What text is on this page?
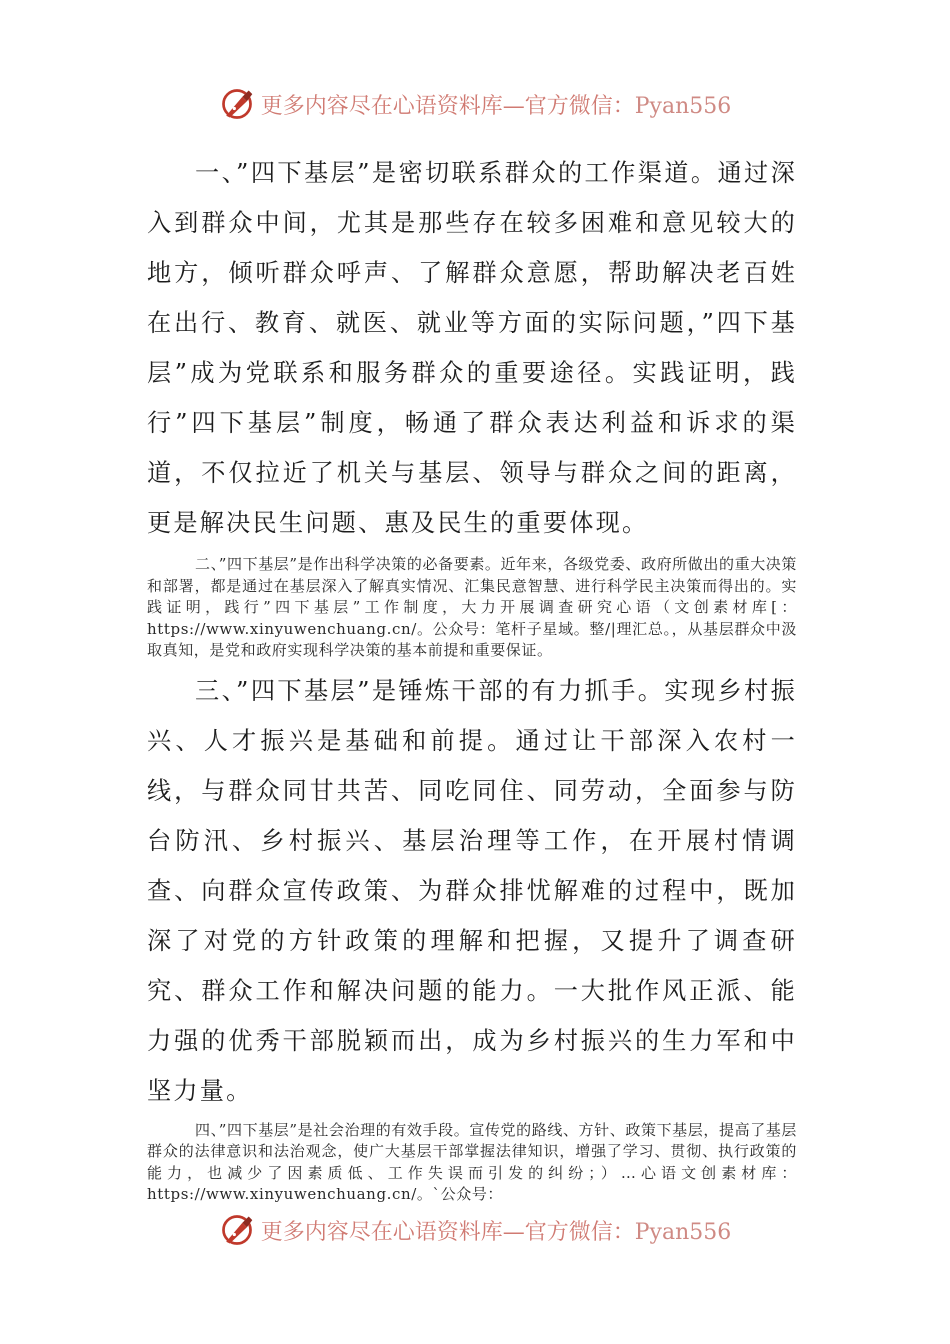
更多内容尽在心语资料库—官方微信：Pyan556

一、”四下基层”是密切联系群众的工作渠道。通过深入到群众中间，尤其是那些存在较多困难和意见较大的地方，倾听群众呼声、了解群众意愿，帮助解决老百姓在出行、教育、就医、就业等方面的实际问题，”四下基层”成为党联系和服务群众的重要途径。实践证明，践行”四下基层”制度，畅通了群众表达利益和诉求的渠道，不仅拉近了机关与基层、领导与群众之间的距离，更是解决民生问题、惠及民生的重要体现。

二、”四下基层”是作出科学决策的必备要素。近年来，各级党委、政府所做出的重大决策和部署，都是通过在基层深入了解真实情况、汇集民意智慧、进行科学民主决策而得出的。实践证明，践行”四下基层”工作制度，大力开展调查研究心语（文创素材库[：https://www.xinyuwenchuang.cn/。公众号：笔杆子星域。整/|理汇总。，从基层群众中汲取真知，是党和政府实现科学决策的基本前提和重要保证。

三、”四下基层”是锤炼干部的有力抓手。实现乡村振兴、人才振兴是基础和前提。通过让干部深入农村一线，与群众同甘共苦、同吃同住、同劳动，全面参与防台防汛、乡村振兴、基层治理等工作，在开展村情调查、向群众宣传政策、为群众排忧解难的过程中，既加深了对党的方针政策的理解和把握，又提升了调查研究、群众工作和解决问题的能力。一大批作风正派、能力强的优秀干部脱颖而出，成为乡村振兴的生力军和中坚力量。

四、”四下基层”是社会治理的有效手段。宣传党的路线、方针、政策下基层，提高了基层群众的法律意识和法治观念，使广大基层干部掌握法律知识，增强了学习、贯彻、执行政策的能力，也减少了因素质低、工作失误而引发的纠纷；）…心语文创素材库：https://www.xinyuwenchuang.cn/。`公众号：

更多内容尽在心语资料库—官方微信：Pyan556
